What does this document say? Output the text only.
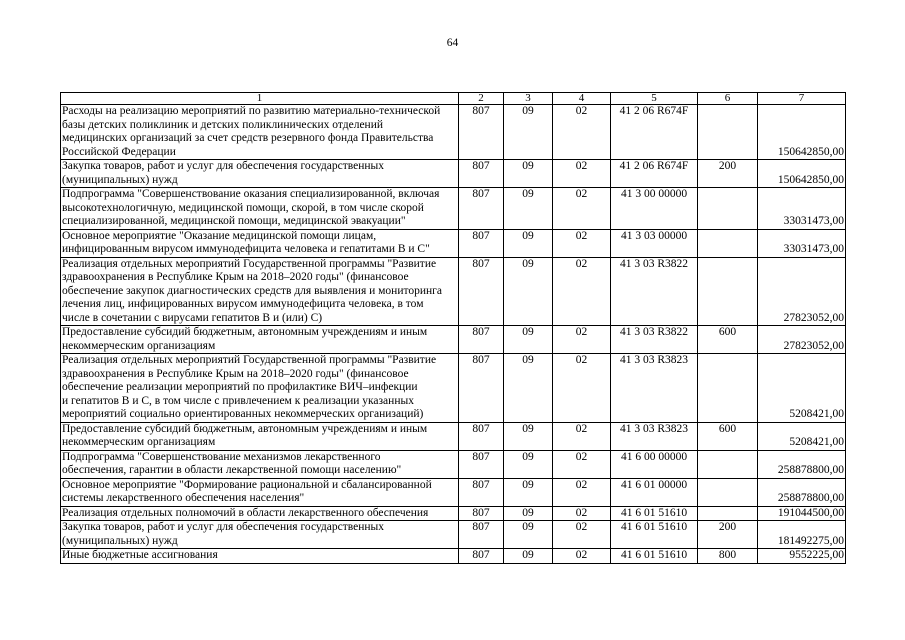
64
1	2	3	4	5	6	7
Расходы на реализацию мероприятий по развитию материально-технической
базы детских поликлиник и детских поликлинических отделений
медицинских организаций за счет средств резервного фонда Правительства
Российской Федерации	807	09	02	41 2 06 R674F		150642850,00
Закупка товаров, работ и услуг для обеспечения государственных
(муниципальных) нужд	807	09	02	41 2 06 R674F	200	150642850,00
Подпрограмма "Совершенствование оказания специализированной, включая
высокотехнологичную, медицинской помощи, скорой, в том числе скорой
специализированной, медицинской помощи, медицинской эвакуации"	807	09	02	41 3 00 00000		33031473,00
Основное мероприятие "Оказание медицинской помощи лицам,
инфицированным вирусом иммунодефицита человека и гепатитами B и C"	807	09	02	41 3 03 00000		33031473,00
Реализация отдельных мероприятий Государственной программы "Развитие
здравоохранения в Республике Крым на 2018–2020 годы" (финансовое
обеспечение закупок диагностических средств для выявления и мониторинга
лечения лиц, инфицированных вирусом иммунодефицита человека, в том
числе в сочетании с вирусами гепатитов B и (или) C)	807	09	02	41 3 03 R3822		27823052,00
Предоставление субсидий бюджетным, автономным учреждениям и иным
некоммерческим организациям	807	09	02	41 3 03 R3822	600	27823052,00
Реализация отдельных мероприятий Государственной программы "Развитие
здравоохранения в Республике Крым на 2018–2020 годы" (финансовое
обеспечение реализации мероприятий по профилактике ВИЧ–инфекции
и гепатитов B и C, в том числе с привлечением к реализации указанных
мероприятий социально ориентированных некоммерческих организаций)	807	09	02	41 3 03 R3823		5208421,00
Предоставление субсидий бюджетным, автономным учреждениям и иным
некоммерческим организациям	807	09	02	41 3 03 R3823	600	5208421,00
Подпрограмма "Совершенствование механизмов лекарственного
обеспечения, гарантии в области лекарственной помощи населению"	807	09	02	41 6 00 00000		258878800,00
Основное мероприятие "Формирование рациональной и сбалансированной
системы лекарственного обеспечения населения"	807	09	02	41 6 01 00000		258878800,00
Реализация отдельных полномочий в области лекарственного обеспечения	807	09	02	41 6 01 51610		191044500,00
Закупка товаров, работ и услуг для обеспечения государственных
(муниципальных) нужд	807	09	02	41 6 01 51610	200	181492275,00
Иные бюджетные ассигнования	807	09	02	41 6 01 51610	800	9552225,00
